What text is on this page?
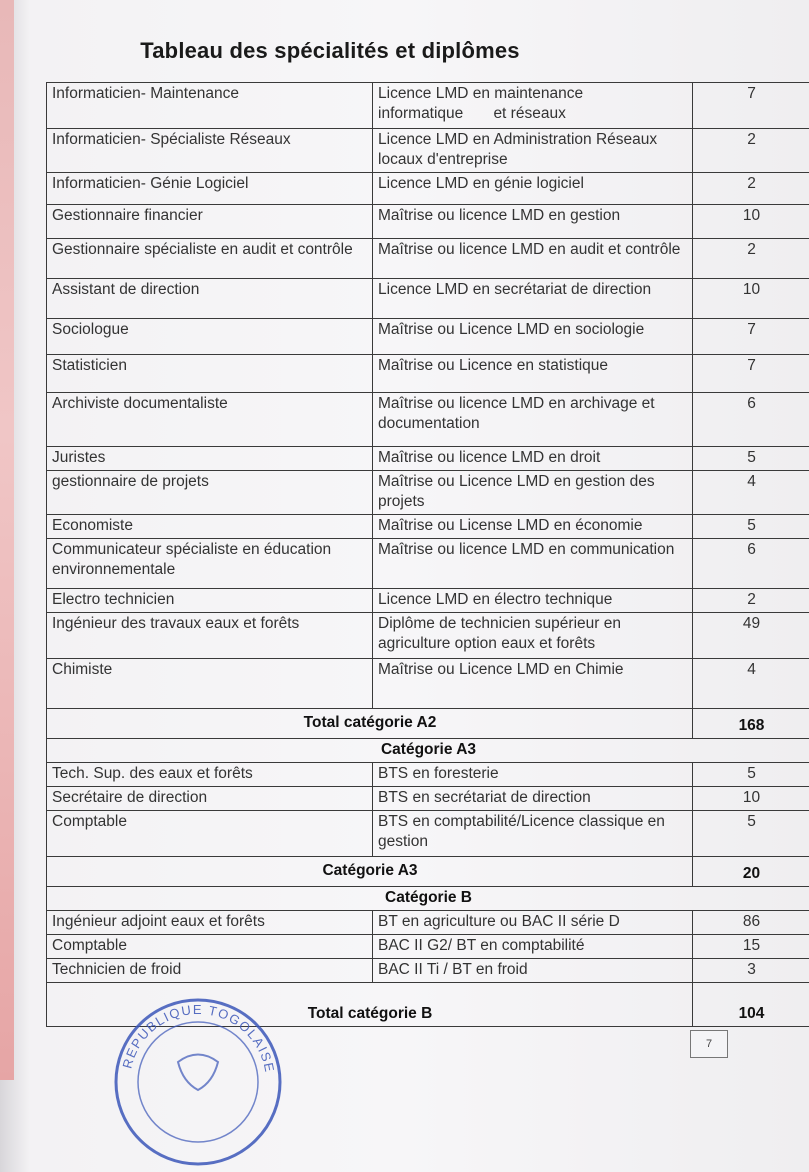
Tableau des spécialités et diplômes
Informaticien- Maintenance	Licence LMD en maintenance informatique       et réseaux	7
Informaticien- Spécialiste Réseaux	Licence LMD en Administration Réseaux locaux d'entreprise	2
Informaticien- Génie Logiciel	Licence LMD en génie logiciel	2
Gestionnaire financier	Maîtrise ou licence LMD en gestion	10
Gestionnaire spécialiste en audit et contrôle	Maîtrise ou licence LMD en audit et contrôle	2
Assistant de direction	Licence LMD en secrétariat de direction	10
Sociologue	Maîtrise ou Licence LMD en sociologie	7
Statisticien	Maîtrise ou Licence en statistique	7
Archiviste documentaliste	Maîtrise ou licence LMD en archivage et documentation	6
Juristes	Maîtrise ou licence LMD en droit	5
gestionnaire de projets	Maîtrise ou Licence LMD en gestion des projets	4
Economiste	Maîtrise ou License LMD en économie	5
Communicateur spécialiste en éducation environnementale	Maîtrise ou licence LMD en communication	6
Electro technicien	Licence LMD en électro technique	2
Ingénieur des travaux eaux et forêts	Diplôme de technicien supérieur en agriculture option eaux et forêts	49
Chimiste	Maîtrise ou Licence LMD en Chimie	4
Total catégorie A2		168
Catégorie A3		
Tech. Sup. des eaux et forêts	BTS en foresterie	5
Secrétaire de direction	BTS en secrétariat de direction	10
Comptable	BTS en comptabilité/Licence classique en gestion	5
Catégorie A3		20
Catégorie B		
Ingénieur adjoint eaux et forêts	BT en agriculture ou BAC II série D	86
Comptable	BAC II G2/ BT en comptabilité	15
Technicien de froid	BAC II Ti / BT en froid	3
Total catégorie B		104
REPUBLIQUE TOGOLAISE
7
